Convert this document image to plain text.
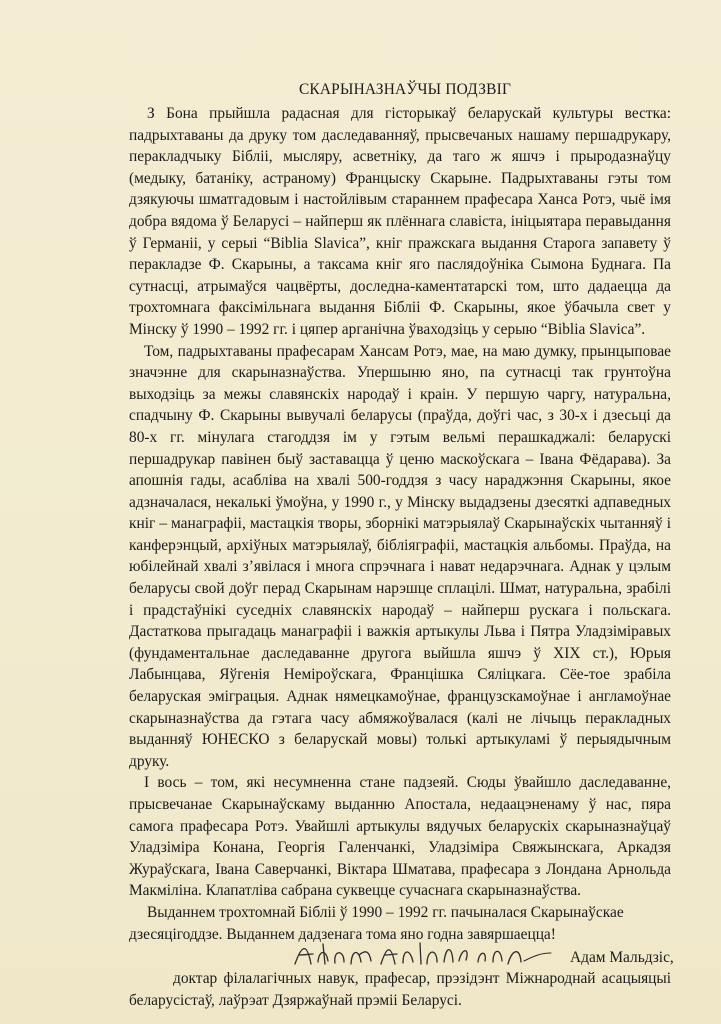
СКАРЫНАЗНАЎЧЫ ПОДЗВІГ

З Бона прыйшла радасная для гісторыкаў беларускай культуры вестка: падрыхтаваны да друку том даследаванняў, прысвечаных нашаму першадрукару, перакладчыку Бібліі, мысляру, асветніку, да таго ж яшчэ і прыродазнаўцу (медыку, батаніку, астраному) Францыску Скарыне. Падрыхтаваны гэты том дзякуючы шматгадовым і настойлівым стараннем прафесара Ханса Ротэ, чыё імя добра вядома ў Беларусі – найперш як плённага славіста, ініцыятара перавыдання ў Германіі, у серыі “Biblia Slavica”, кніг пражскага выдання Старога запавету ў перакладзе Ф. Скарыны, а таксама кніг яго паслядоўніка Сымона Буднага. Па сутнасці, атрымаўся чацвёрты, доследна-каментатарскі том, што дадаецца да трохтомнага факсімільнага выдання Бібліі Ф. Скарыны, якое ўбачыла свет у Мінску ў 1990 – 1992 гг. і цяпер арганічна ўваходзіць у серыю “Biblia Slavica”.

Том, падрыхтаваны прафесарам Хансам Ротэ, мае, на маю думку, прынцыповае значэнне для скарыназнаўства. Упершыню яно, па сутнасці так грунтоўна выходзіць за межы славянскіх народаў і краін. У першую чаргу, натуральна, спадчыну Ф. Скарыны вывучалі беларусы (праўда, доўгі час, з 30-х і дзесьці да 80-х гг. мінулага стагоддзя ім у гэтым вельмі перашкаджалі: беларускі першадрукар павінен быў заставацца ў ценю маскоўскага – Івана Фёдарава). За апошнія гады, асабліва на хвалі 500-годдзя з часу нараджэння Скарыны, якое адзначалася, некалькі ўмоўна, у 1990 г., у Мінску выдадзены дзесяткі адпаведных кніг – манаграфіі, мастацкія творы, зборнікі матэрыялаў Скарынаўскіх чытанняў і канферэнцый, архіўных матэрыялаў, бібліяграфіі, мастацкія альбомы. Праўда, на юбілейнай хвалі з’явілася і многа спрэчнага і нават недарэчнага. Аднак у цэлым беларусы свой доўг перад Скарынам нарэшце сплацілі. Шмат, натуральна, зрабілі і прадстаўнікі суседніх славянскіх народаў – найперш рускага і польскага. Дастаткова прыгадаць манаграфіі і важкія артыкулы Льва і Пятра Уладзіміравых (фундаментальнае даследаванне другога выйшла яшчэ ў XIX ст.), Юрыя Лабынцава, Яўгенія Немiроўскага, Францішка Сяліцкага. Сёе-тое зрабіла беларуская эміграцыя. Аднак нямецкамоўнае, французскамоўнае і англамоўнае скарыназнаўства да гэтага часу абмяжоўвалася (калі не лічыць перакладных выданняў ЮНЕСКО з беларускай мовы) толькі артыкуламі ў перыядычным друку.

І вось – том, які несумненна стане падзеяй. Сюды ўвайшло даследаванне, прысвечанае Скарынаўскаму выданню Апостала, недаацэненаму ў нас, пяра самога прафесара Ротэ. Увайшлі артыкулы вядучых беларускіх скарыназнаўцаў Уладзіміра Конана, Георгія Галенчанкі, Уладзіміра Свяжынскага, Аркадзя Жураўскага, Івана Саверчанкі, Віктара Шматава, прафесара з Лондана Арнольда Макміліна. Клапатліва сабрана суквецце сучаснага скарыназнаўства.

Выданнем трохтомнай Бібліі ў 1990 – 1992 гг. пачыналася Скарынаўскае дзесяцігоддзе. Выданнем дадзенага тома яно годна завяршаецца!

Адам Мальдзіс,

доктар філалагічных навук, прафесар, прэзідэнт Міжнароднай асацыяцыі беларусістаў, лаўрэат Дзяржаўнай прэміі Беларусі.
